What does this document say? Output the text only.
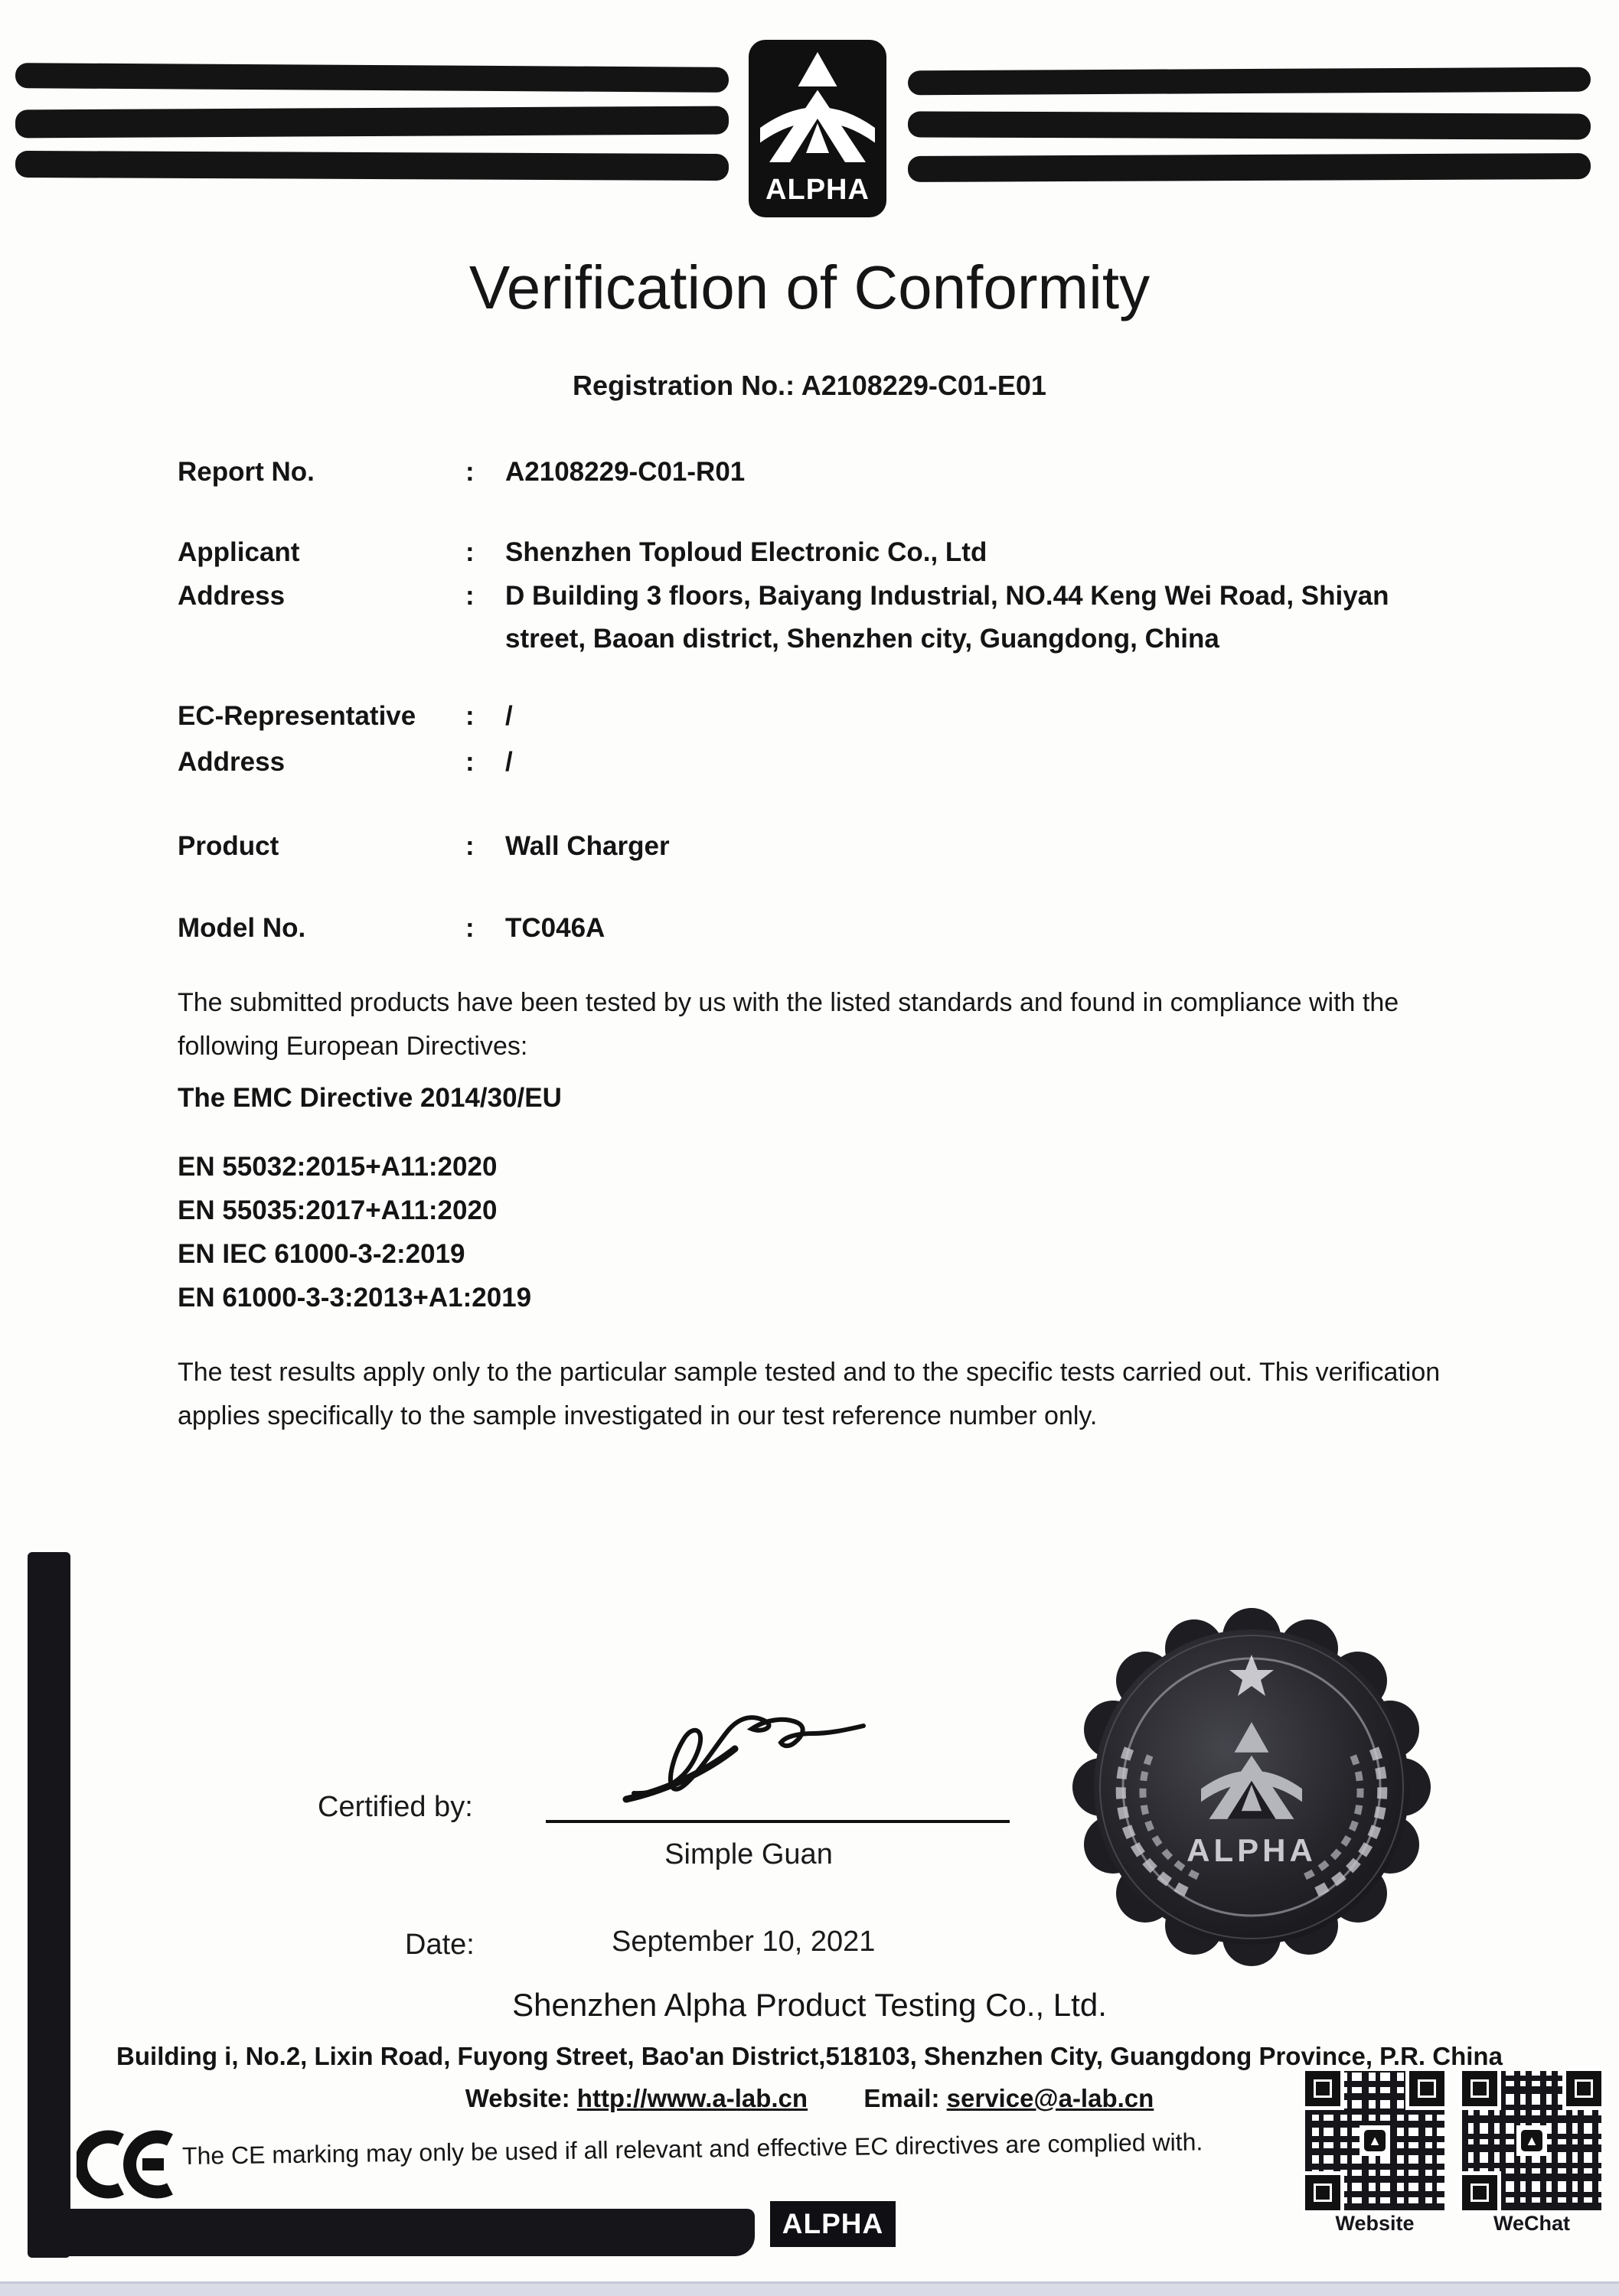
ALPHA
Verification of Conformity
Registration No.: A2108229-C01-E01
Report No.	:	A2108229-C01-R01
Applicant	:	Shenzhen Toploud Electronic Co., Ltd
Address	:	D Building 3 floors, Baiyang Industrial, NO.44 Keng Wei Road, Shiyan street, Baoan district, Shenzhen city, Guangdong, China
EC-Representative	:	/
Address	:	/
Product	:	Wall Charger
Model No.	:	TC046A
The submitted products have been tested by us with the listed standards and found in compliance with the following European Directives:
The EMC Directive 2014/30/EU
EN 55032:2015+A11:2020
EN 55035:2017+A11:2020
EN IEC 61000-3-2:2019
EN 61000-3-3:2013+A1:2019
The test results apply only to the particular sample tested and to the specific tests carried out. This verification applies specifically to the sample investigated in our test reference number only.
Certified by:
Simple Guan
Date:	September 10, 2021
ALPHA
Shenzhen Alpha Product Testing Co., Ltd.
Building i, No.2, Lixin Road, Fuyong Street, Bao'an District,518103, Shenzhen City, Guangdong Province, P.R. China
Website: http://www.a-lab.cn Email: service@a-lab.cn
The CE marking may only be used if all relevant and effective EC directives are complied with.
ALPHA
▲	▲
Website	WeChat
